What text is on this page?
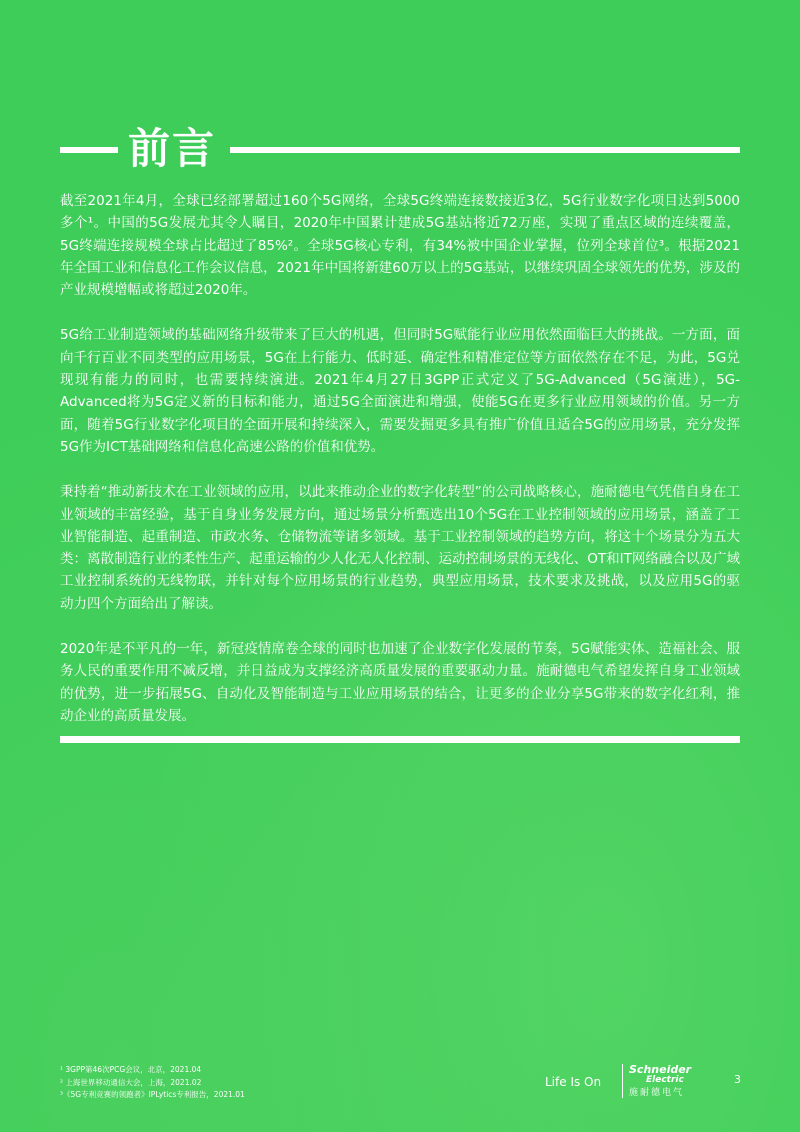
前言

截至2021年4月，全球已经部署超过160个5G网络，全球5G终端连接数接近3亿，5G行业数字化项目达到5000多个¹。中国的5G发展尤其令人瞩目，2020年中国累计建成5G基站将近72万座，实现了重点区域的连续覆盖，5G终端连接规模全球占比超过了85%²。全球5G核心专利，有34%被中国企业掌握，位列全球首位³。根据2021年全国工业和信息化工作会议信息，2021年中国将新建60万以上的5G基站，以继续巩固全球领先的优势，涉及的产业规模增幅或将超过2020年。

5G给工业制造领域的基础网络升级带来了巨大的机遇，但同时5G赋能行业应用依然面临巨大的挑战。一方面，面向千行百业不同类型的应用场景，5G在上行能力、低时延、确定性和精准定位等方面依然存在不足，为此，5G兑现现有能力的同时，也需要持续演进。2021年4月27日3GPP正式定义了5G-Advanced（5G演进），5G-Advanced将为5G定义新的目标和能力，通过5G全面演进和增强，使能5G在更多行业应用领域的价值。另一方面，随着5G行业数字化项目的全面开展和持续深入，需要发掘更多具有推广价值且适合5G的应用场景，充分发挥5G作为ICT基础网络和信息化高速公路的价值和优势。

秉持着“推动新技术在工业领域的应用，以此来推动企业的数字化转型”的公司战略核心，施耐德电气凭借自身在工业领域的丰富经验，基于自身业务发展方向，通过场景分析甄选出10个5G在工业控制领域的应用场景，涵盖了工业智能制造、起重制造、市政水务、仓储物流等诸多领域。基于工业控制领域的趋势方向，将这十个场景分为五大类：离散制造行业的柔性生产、起重运输的少人化无人化控制、运动控制场景的无线化、OT和IT网络融合以及广域工业控制系统的无线物联，并针对每个应用场景的行业趋势，典型应用场景，技术要求及挑战，以及应用5G的驱动力四个方面给出了解读。

2020年是不平凡的一年，新冠疫情席卷全球的同时也加速了企业数字化发展的节奏，5G赋能实体、造福社会、服务人民的重要作用不减反增，并日益成为支撑经济高质量发展的重要驱动力量。施耐德电气希望发挥自身工业领域的优势，进一步拓展5G、自动化及智能制造与工业应用场景的结合，让更多的企业分享5G带来的数字化红利，推动企业的高质量发展。

¹ 3GPP第46次PCG会议，北京，2021.04
² 上海世界移动通信大会，上海，2021.02
³《5G专利竞赛的领跑者》IPLytics专利报告，2021.01
Life Is On
Schneider
Electric
施耐德电气
3
